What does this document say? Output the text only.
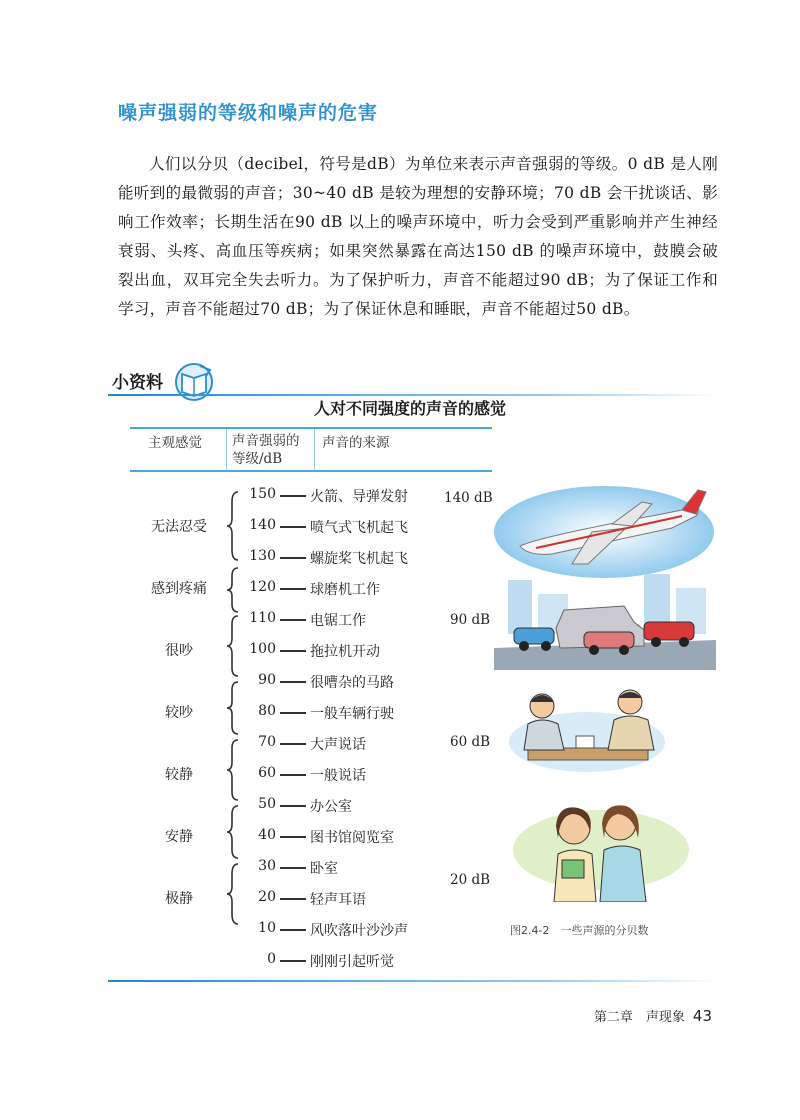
噪声强弱的等级和噪声的危害

人们以分贝（decibel，符号是dB）为单位来表示声音强弱的等级。0 dB 是人刚能听到的最微弱的声音；30~40 dB 是较为理想的安静环境；70 dB 会干扰谈话、影响工作效率；长期生活在90 dB 以上的噪声环境中，听力会受到严重影响并产生神经衰弱、头疼、高血压等疾病；如果突然暴露在高达150 dB 的噪声环境中，鼓膜会破裂出血，双耳完全失去听力。为了保护听力，声音不能超过90 dB；为了保证工作和学习，声音不能超过70 dB；为了保证休息和睡眠，声音不能超过50 dB。

小资料
人对不同强度的声音的感觉
主观感觉 声音强弱的
等级/dB
声音的来源
无法忍受
感到疼痛
很吵
较吵
较静
安静
极静
150 火箭、导弹发射
140 喷气式飞机起飞
130 螺旋桨飞机起飞
120 球磨机工作
110 电锯工作
100 拖拉机开动
90 很嘈杂的马路
80 一般车辆行驶
70 大声说话
60 一般说话
50 办公室
40 图书馆阅览室
30 卧室
20 轻声耳语
10 风吹落叶沙沙声
0 刚刚引起听觉
140 dB
90 dB
60 dB
20 dB
图2.4-2　一些声源的分贝数
第二章　声现象 43
